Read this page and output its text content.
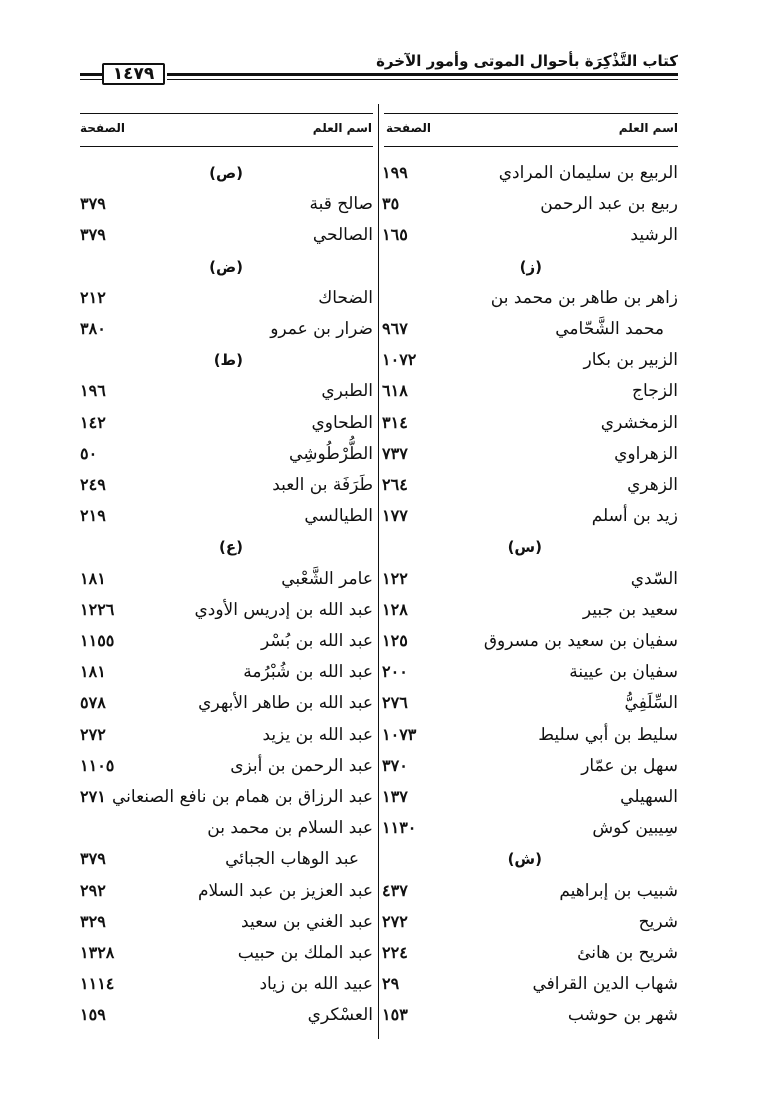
كتاب التَّذْكِرَة بأحوال الموتى وأمور الآخرة
١٤٧٩
اسم العلم
الصفحة
اسم العلم
الصفحة
الربيع بن سليمان المرادي
١٩٩
ربيع بن عبد الرحمن
٣٥
الرشيد
١٦٥
(ز)
زاهر بن طاهر بن محمد بن
محمد الشَّحّامي
٩٦٧
الزبير بن بكار
١٠٧٢
الزجاج
٦١٨
الزمخشري
٣١٤
الزهراوي
٧٣٧
الزهري
٢٦٤
زيد بن أسلم
١٧٧
(س)
السّدي
١٢٢
سعيد بن جبير
١٢٨
سفيان بن سعيد بن مسروق
١٢٥
سفيان بن عيينة
٢٠٠
السِّلَفِيُّ
٢٧٦
سليط بن أبي سليط
١٠٧٣
سهل بن عمّار
٣٧٠
السهيلي
١٣٧
سِيبين كوش
١١٣٠
(ش)
شبيب بن إبراهيم
٤٣٧
شريح
٢٧٢
شريح بن هانئ
٢٢٤
شهاب الدين القرافي
٢٩
شهر بن حوشب
١٥٣
(ص)
صالح قبة
٣٧٩
الصالحي
٣٧٩
(ض)
الضحاك
٢١٢
ضرار بن عمرو
٣٨٠
(ط)
الطبري
١٩٦
الطحاوي
١٤٢
الطُّرْطُوشِي
٥٠
طَرَفَة بن العبد
٢٤٩
الطيالسي
٢١٩
(ع)
عامر الشَّعْبي
١٨١
عبد الله بن إدريس الأودي
١٢٢٦
عبد الله بن بُسْر
١١٥٥
عبد الله بن شُبْرُمة
١٨١
عبد الله بن طاهر الأبهري
٥٧٨
عبد الله بن يزيد
٢٧٢
عبد الرحمن بن أبزى
١١٠٥
عبد الرزاق بن همام بن نافع الصنعاني
٢٧١
عبد السلام بن محمد بن
عبد الوهاب الجبائي
٣٧٩
عبد العزيز بن عبد السلام
٢٩٢
عبد الغني بن سعيد
٣٢٩
عبد الملك بن حبيب
١٣٢٨
عبيد الله بن زياد
١١١٤
العسْكري
١٥٩
